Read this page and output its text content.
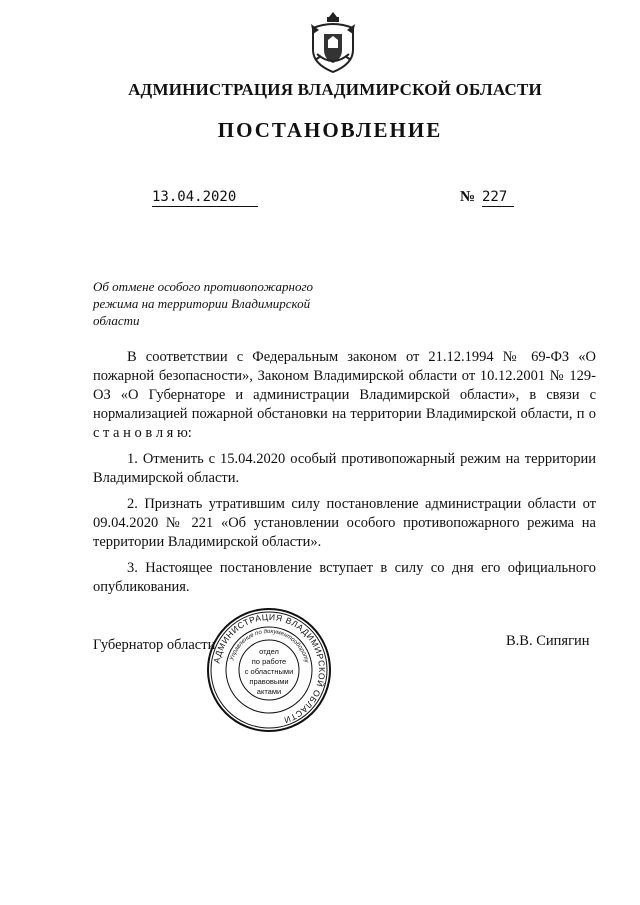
АДМИНИСТРАЦИЯ ВЛАДИМИРСКОЙ ОБЛАСТИ
ПОСТАНОВЛЕНИЕ
13.04.2020	№ 227
Об отмене особого противопожарного режима на территории Владимирской области

В соответствии с Федеральным законом от 21.12.1994 № 69-ФЗ «О пожарной безопасности», Законом Владимирской области от 10.12.2001 № 129-ОЗ «О Губернаторе и администрации Владимирской области», в связи с нормализацией пожарной обстановки на территории Владимирской области, п о с т а н о в л я ю:

1. Отменить с 15.04.2020 особый противопожарный режим на территории Владимирской области.

2. Признать утратившим силу постановление администрации области от 09.04.2020 № 221 «Об установлении особого противопожарного режима на территории Владимирской области».

3. Настоящее постановление вступает в силу со дня его официального опубликования.

Губернатор области	В.В. Сипягин
АДМИНИСТРАЦИЯ ВЛАДИМИРСКОЙ ОБЛАСТИ
Управление по документообороту
отдел
по работе
с областными
правовыми
актами
